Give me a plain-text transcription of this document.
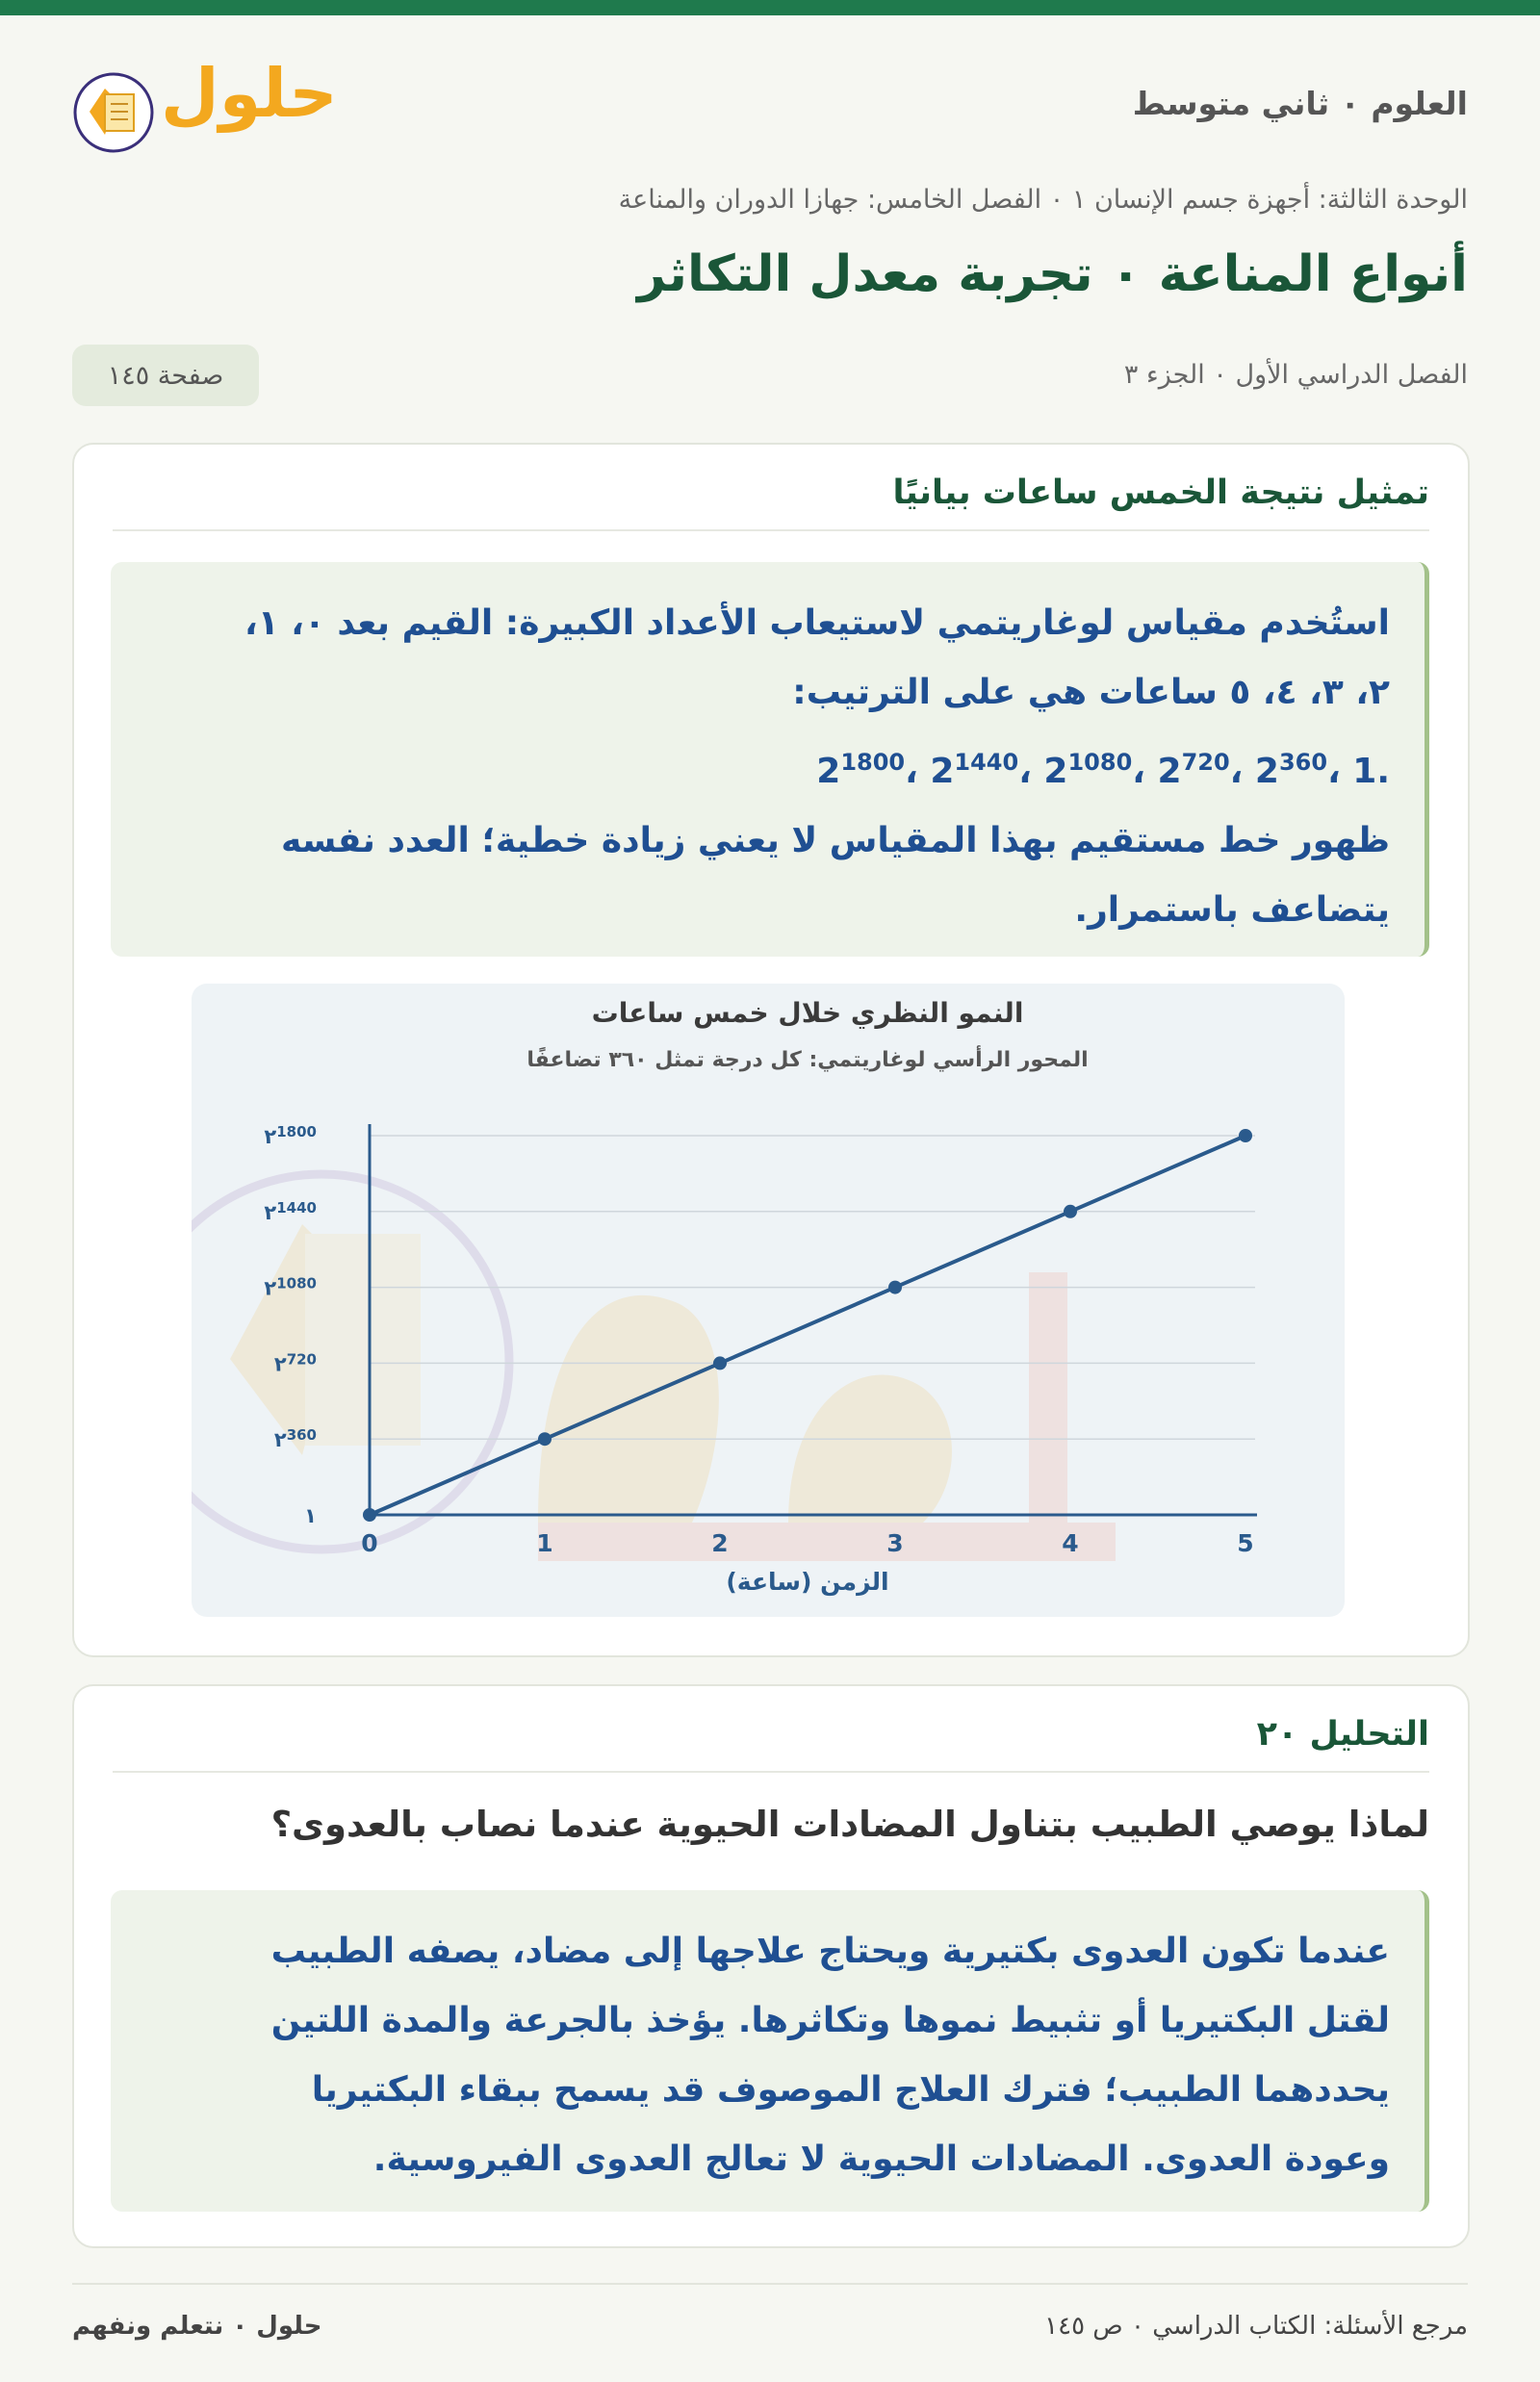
العلوم ٠ ثاني متوسط
حلول
الوحدة الثالثة: أجهزة جسم الإنسان ١ ٠ الفصل الخامس: جهازا الدوران والمناعة
أنواع المناعة ٠ تجربة معدل التكاثر
الفصل الدراسي الأول ٠ الجزء ٣
صفحة ١٤٥
تمثيل نتيجة الخمس ساعات بيانيًا
استُخدم مقياس لوغاريتمي لاستيعاب الأعداد الكبيرة: القيم بعد ٠، ١،
٢، ٣، ٤، ٥ ساعات هي على الترتيب:
$2^{1800}،$ $2^{1440}،$ $2^{1080}،$ $2^{720}،$ $2^{360}،$ 1.
ظهور خط مستقيم بهذا المقياس لا يعني زيادة خطية؛ العدد نفسه
يتضاعف باستمرار.
النمو النظري خلال خمس ساعات
المحور الرأسي لوغاريتمي: كل درجة تمثل ٣٦٠ تضاعفًا
١
$٢^{360}$
$٢^{720}$
$٢^{1080}$
$٢^{1440}$
$٢^{1800}$
0	1	2	3	4	5
الزمن (ساعة)
التحليل ٢٠

لماذا يوصي الطبيب بتناول المضادات الحيوية عندما نصاب بالعدوى؟

عندما تكون العدوى بكتيرية ويحتاج علاجها إلى مضاد، يصفه الطبيب
لقتل البكتيريا أو تثبيط نموها وتكاثرها. يؤخذ بالجرعة والمدة اللتين
يحددهما الطبيب؛ فترك العلاج الموصوف قد يسمح ببقاء البكتيريا
وعودة العدوى. المضادات الحيوية لا تعالج العدوى الفيروسية.
مرجع الأسئلة: الكتاب الدراسي ٠ ص ١٤٥
حلول ٠ نتعلم ونفهم
